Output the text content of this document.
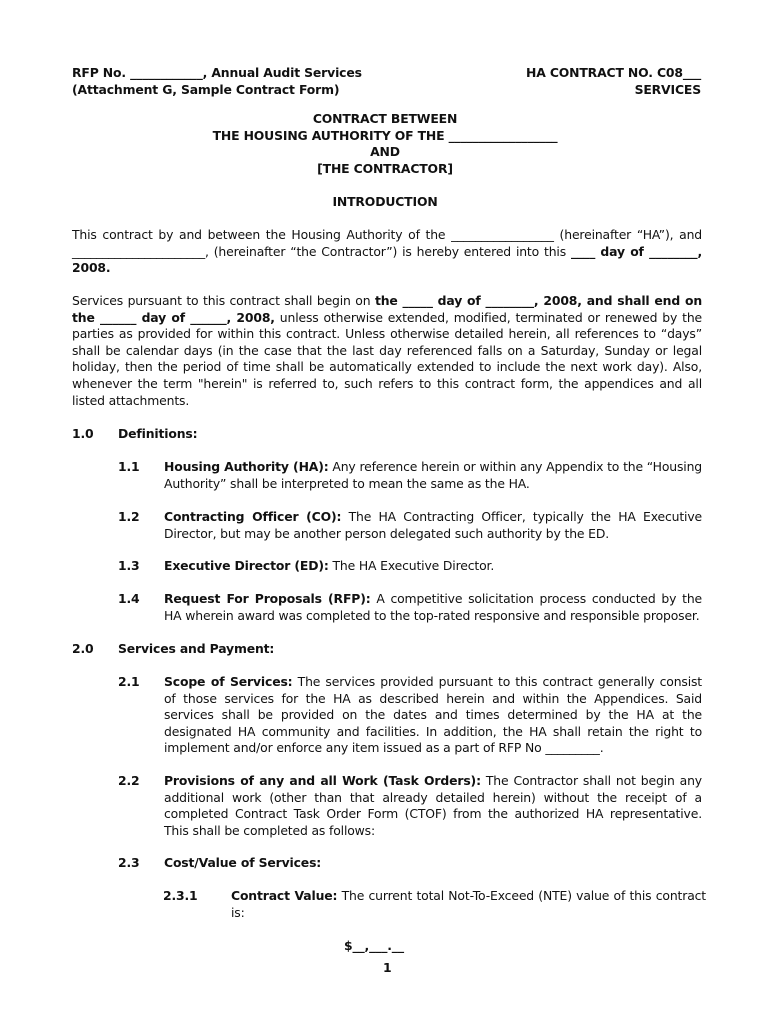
RFP No. ____________, Annual Audit Services
(Attachment G, Sample Contract Form)
HA CONTRACT NO. C08___
SERVICES
CONTRACT BETWEEN
THE HOUSING AUTHORITY OF THE __________________
AND
[THE CONTRACTOR]
INTRODUCTION
This contract by and between the Housing Authority of the _________________ (hereinafter “HA”), and ______________________, (hereinafter “the Contractor”) is hereby entered into this ____ day of ________, 2008.
Services pursuant to this contract shall begin on the _____ day of ________, 2008, and shall end on the ______ day of ______, 2008, unless otherwise extended, modified, terminated or renewed by the parties as provided for within this contract. Unless otherwise detailed herein, all references to “days” shall be calendar days (in the case that the last day referenced falls on a Saturday, Sunday or legal holiday, then the period of time shall be automatically extended to include the next work day). Also, whenever the term "herein" is referred to, such refers to this contract form, the appendices and all listed attachments.
1.0 Definitions:
1.1 Housing Authority (HA): Any reference herein or within any Appendix to the “Housing Authority” shall be interpreted to mean the same as the HA.
1.2 Contracting Officer (CO): The HA Contracting Officer, typically the HA Executive Director, but may be another person delegated such authority by the ED.
1.3 Executive Director (ED): The HA Executive Director.
1.4 Request For Proposals (RFP): A competitive solicitation process conducted by the HA wherein award was completed to the top-rated responsive and responsible proposer.
2.0 Services and Payment:
2.1 Scope of Services: The services provided pursuant to this contract generally consist of those services for the HA as described herein and within the Appendices. Said services shall be provided on the dates and times determined by the HA at the designated HA community and facilities. In addition, the HA shall retain the right to implement and/or enforce any item issued as a part of RFP No _________.
2.2 Provisions of any and all Work (Task Orders): The Contractor shall not begin any additional work (other than that already detailed herein) without the receipt of a completed Contract Task Order Form (CTOF) from the authorized HA representative. This shall be completed as follows:
2.3 Cost/Value of Services:
2.3.1	Contract Value: The current total Not-To-Exceed (NTE) value of this contract is:
$__,___.__
1
